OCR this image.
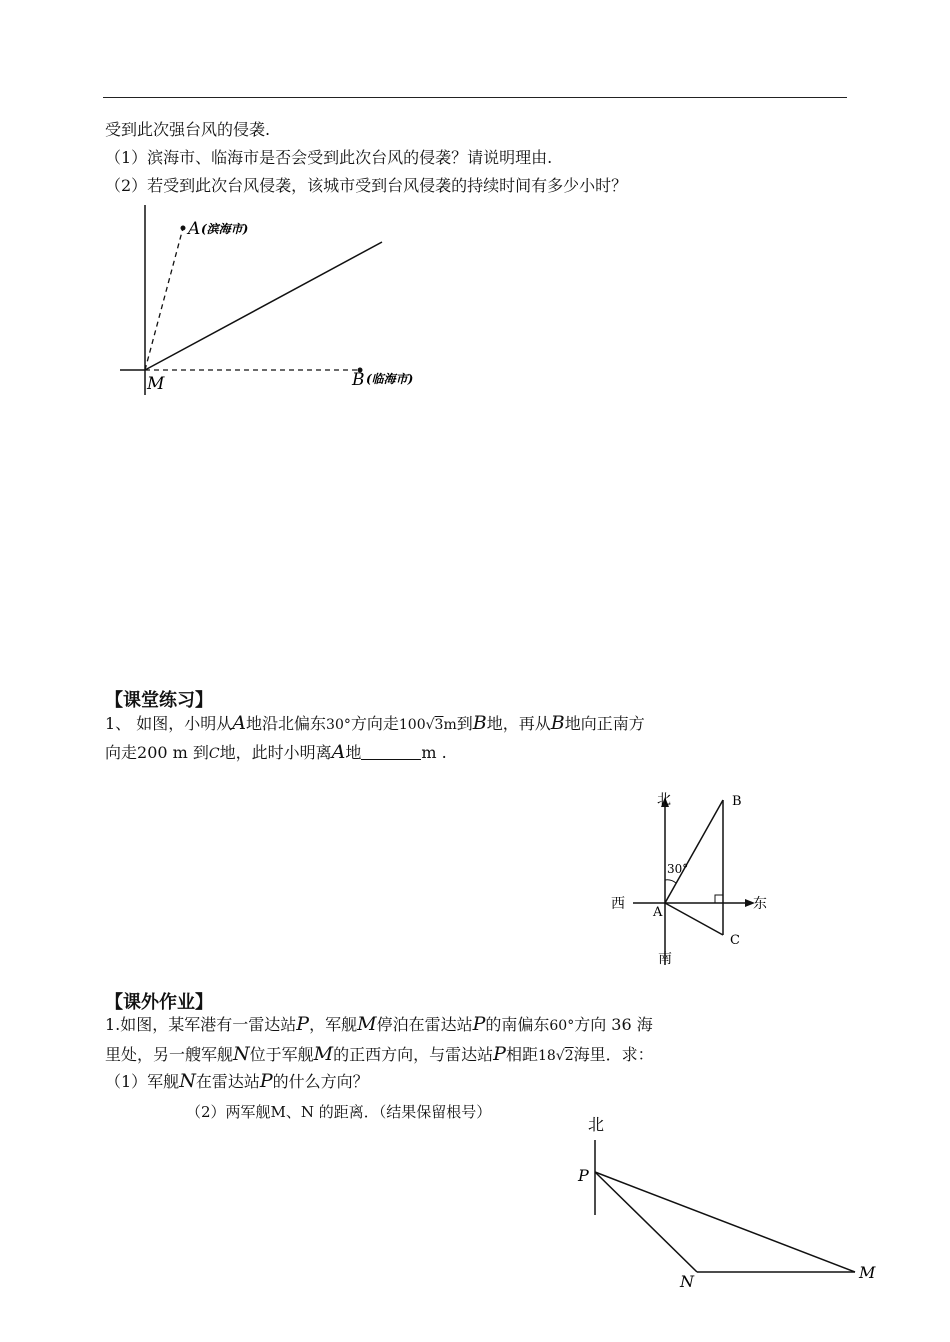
受到此次强台风的侵袭.
（1）滨海市、临海市是否会受到此次台风的侵袭？请说明理由.
（2）若受到此次台风侵袭，该城市受到台风侵袭的持续时间有多少小时？
A (滨海市)
B (临海市)
M
【课堂练习】
1、 如图，小明从A地沿北偏东30°方向走100√3m到B地，再从B地向正南方
向走200 m 到C地，此时小明离A地	m .
北
南
西	东
B
C
A
30°
【课外作业】
1.如图，某军港有一雷达站P，军舰M停泊在雷达站P的南偏东60°方向 36 海
里处，另一艘军舰N位于军舰M的正西方向，与雷达站P相距18√2海里．求：
（1）军舰N在雷达站P的什么方向？
（2）两军舰M、N 的距离．（结果保留根号）
北
P
N	M
